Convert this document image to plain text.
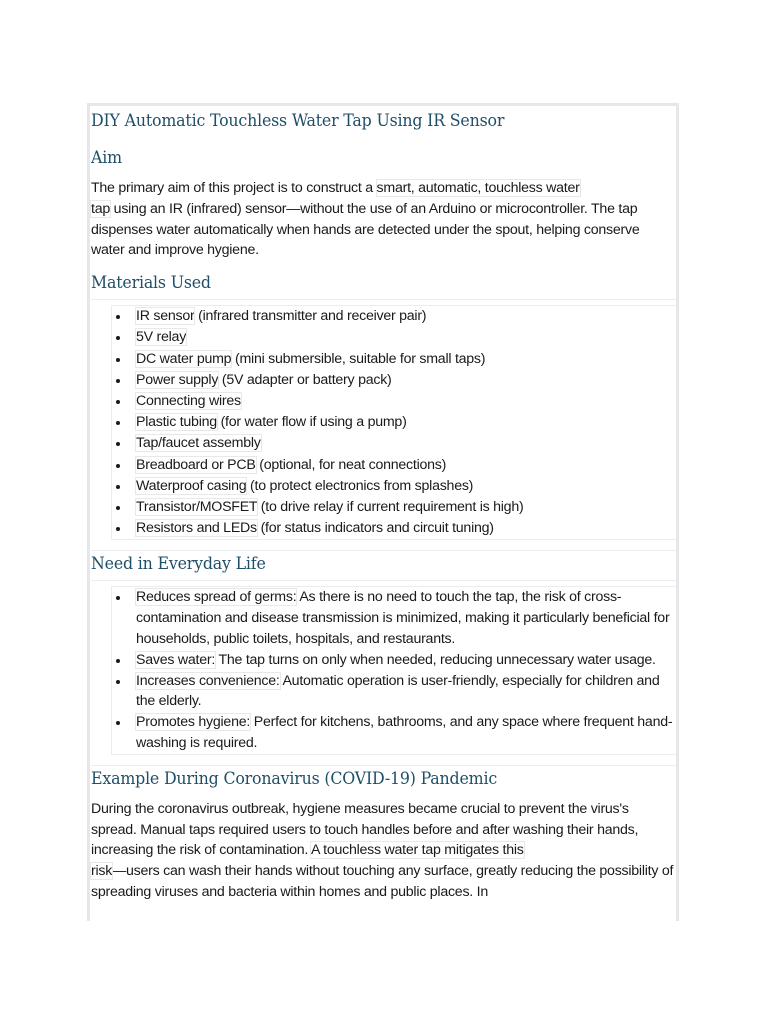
DIY Automatic Touchless Water Tap Using IR Sensor
Aim

The primary aim of this project is to construct a smart, automatic, touchless water
tap using an IR (infrared) sensor—without the use of an Arduino or microcontroller. The tap dispenses water automatically when hands are detected under the spout, helping conserve water and improve hygiene.

Materials Used
IR sensor (infrared transmitter and receiver pair)
5V relay
DC water pump (mini submersible, suitable for small taps)
Power supply (5V adapter or battery pack)
Connecting wires
Plastic tubing (for water flow if using a pump)
Tap/faucet assembly
Breadboard or PCB (optional, for neat connections)
Waterproof casing (to protect electronics from splashes)
Transistor/MOSFET (to drive relay if current requirement is high)
Resistors and LEDs (for status indicators and circuit tuning)
Need in Everyday Life
Reduces spread of germs: As there is no need to touch the tap, the risk of cross-contamination and disease transmission is minimized, making it particularly beneficial for households, public toilets, hospitals, and restaurants.
Saves water: The tap turns on only when needed, reducing unnecessary water usage.
Increases convenience: Automatic operation is user-friendly, especially for children and the elderly.
Promotes hygiene: Perfect for kitchens, bathrooms, and any space where frequent hand-washing is required.
Example During Coronavirus (COVID-19) Pandemic

During the coronavirus outbreak, hygiene measures became crucial to prevent the virus's spread. Manual taps required users to touch handles before and after washing their hands, increasing the risk of contamination. A touchless water tap mitigates this
risk—users can wash their hands without touching any surface, greatly reducing the possibility of spreading viruses and bacteria within homes and public places. In
